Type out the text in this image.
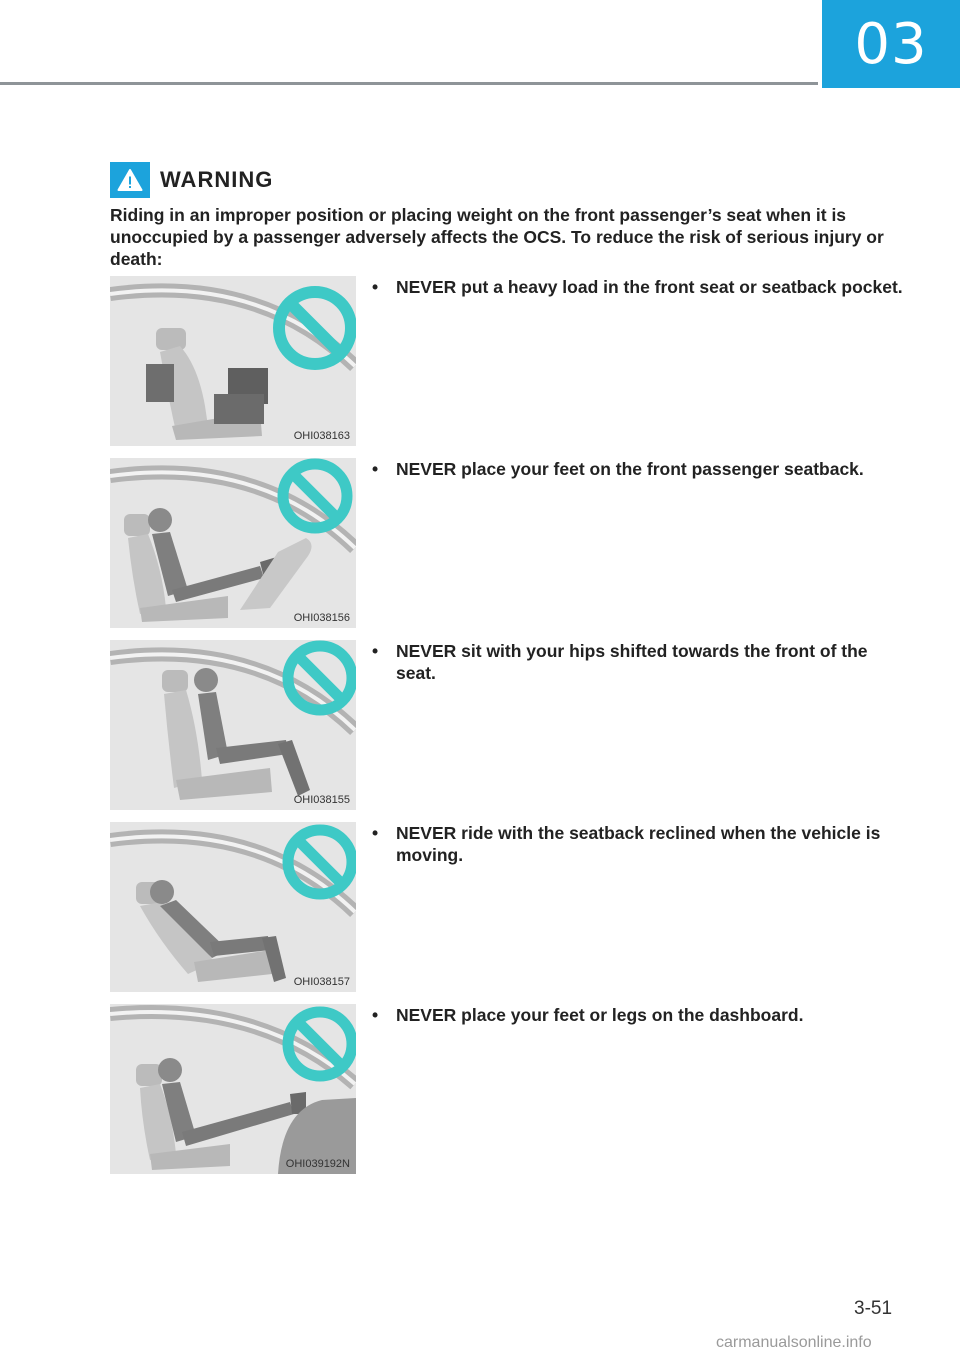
03
WARNING

Riding in an improper position or placing weight on the front passenger’s seat when it is unoccupied by a passenger adversely affects the OCS. To reduce the risk of serious injury or death:

OHI038163
•	NEVER put a heavy load in the front seat or seatback pocket.
OHI038156
•	NEVER place your feet on the front passenger seatback.
OHI038155
•	NEVER sit with your hips shifted towards the front of the seat.
OHI038157
•	NEVER ride with the seatback reclined when the vehicle is moving.
OHI039192N
•	NEVER place your feet or legs on the dashboard.
3-51
carmanualsonline.info
